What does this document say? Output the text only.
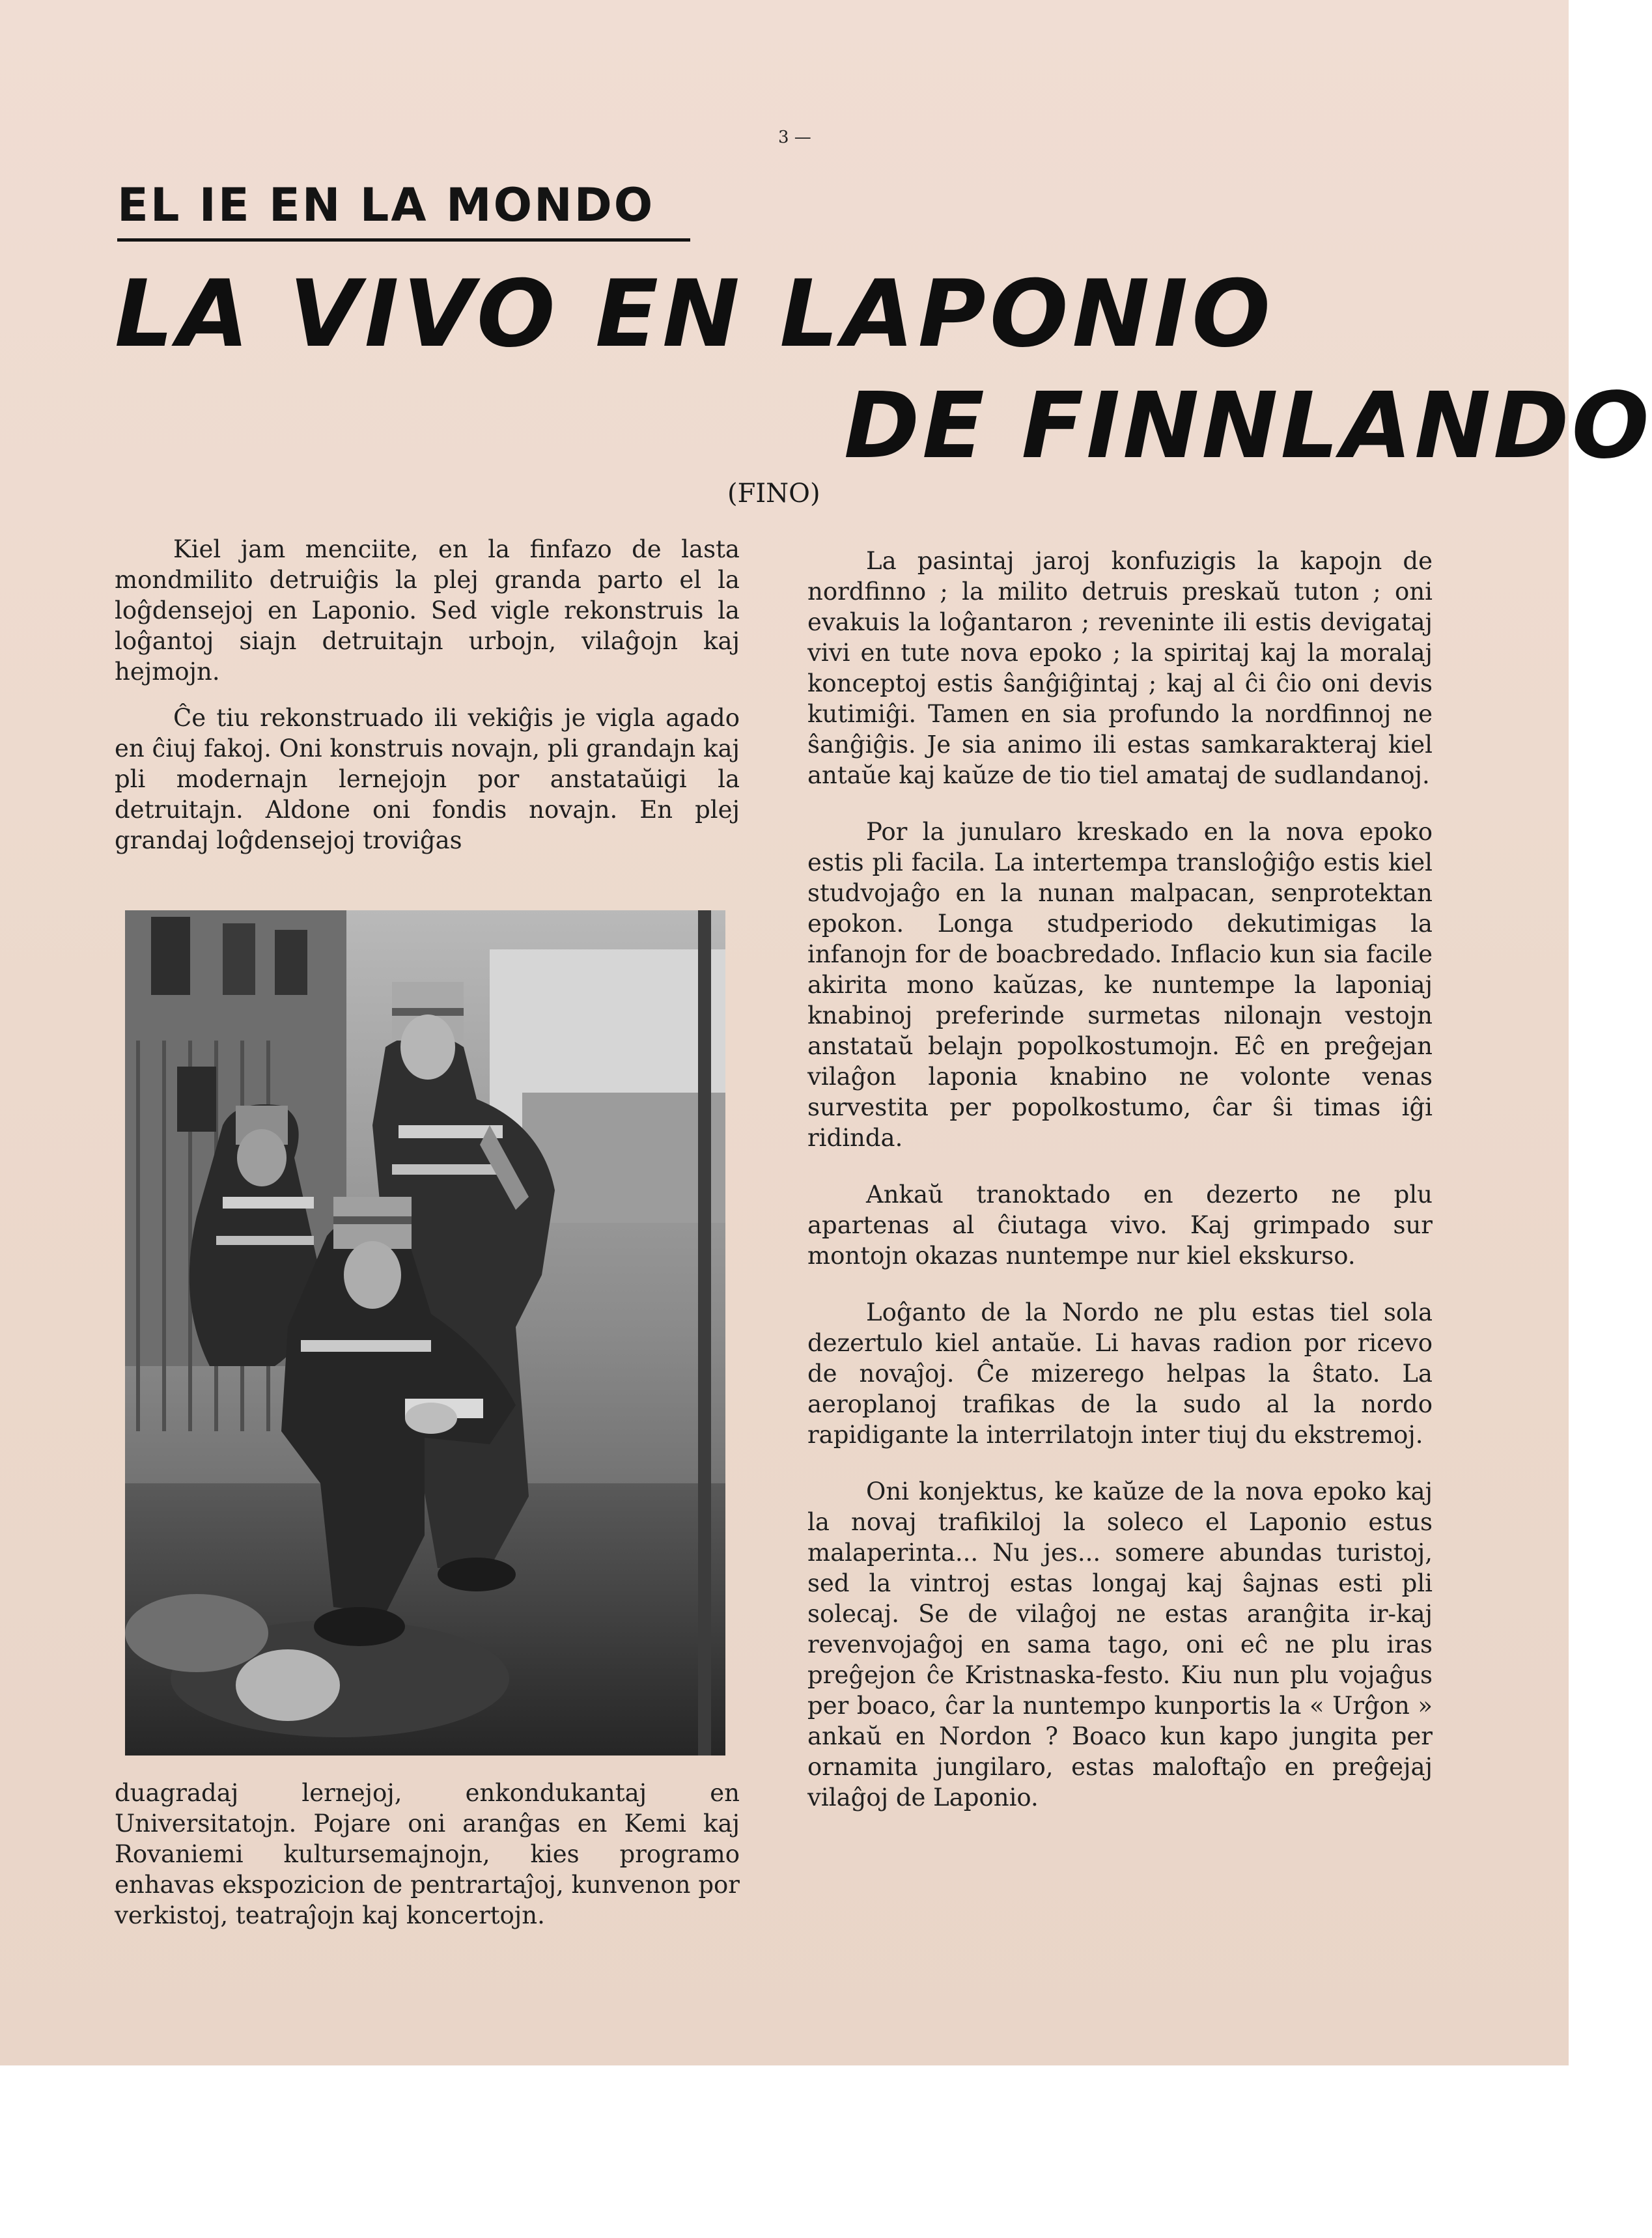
3 —
EL IE EN LA MONDO
LA VIVO EN LAPONIO
DE FINNLANDO
(FINO)

Kiel jam menciite, en la finfazo de lasta mondmilito detruiĝis la plej granda parto el la loĝdensejoj en Laponio. Sed vigle rekonstruis la loĝantoj siajn detruitajn urbojn, vilaĝojn kaj hejmojn.

Ĉe tiu rekonstruado ili vekiĝis je vigla agado en ĉiuj fakoj. Oni konstruis novajn, pli grandajn kaj pli modernajn lernejojn por anstataŭigi la detruitajn. Aldone oni fondis novajn. En plej grandaj loĝdensejoj troviĝas

duagradaj lernejoj, enkondukantaj en Universitatojn. Pojare oni aranĝas en Kemi kaj Rovaniemi kultursemajnojn, kies programo enhavas ekspozicion de pentrartaĵoj, kunvenon por verkistoj, teatraĵojn kaj koncertojn.

La pasintaj jaroj konfuzigis la kapojn de nordfinno ; la milito detruis preskaŭ tuton ; oni evakuis la loĝantaron ; reveninte ili estis devigataj vivi en tute nova epoko ; la spiritaj kaj la moralaj konceptoj estis ŝanĝiĝintaj ; kaj al ĉi ĉio oni devis kutimiĝi. Tamen en sia profundo la nordfinnoj ne ŝanĝiĝis. Je sia animo ili estas samkarakteraj kiel antaŭe kaj kaŭze de tio tiel amataj de sudlandanoj.

Por la junularo kreskado en la nova epoko estis pli facila. La intertempa transloĝiĝo estis kiel studvojaĝo en la nunan malpacan, senprotektan epokon. Longa studperiodo dekutimigas la infanojn for de boacbredado. Inflacio kun sia facile akirita mono kaŭzas, ke nuntempe la laponiaj knabinoj preferinde surmetas nilonajn vestojn anstataŭ belajn popolkostumojn. Eĉ en preĝejan vilaĝon laponia knabino ne volonte venas survestita per popolkostumo, ĉar ŝi timas iĝi ridinda.

Ankaŭ tranoktado en dezerto ne plu apartenas al ĉiutaga vivo. Kaj grimpado sur montojn okazas nuntempe nur kiel ekskurso.

Loĝanto de la Nordo ne plu estas tiel sola dezertulo kiel antaŭe. Li havas radion por ricevo de novaĵoj. Ĉe mizerego helpas la ŝtato. La aeroplanoj trafikas de la sudo al la nordo rapidigante la interrilatojn inter tiuj du ekstremoj.

Oni konjektus, ke kaŭze de la nova epoko kaj la novaj trafikiloj la soleco el Laponio estus malaperinta... Nu jes... somere abundas turistoj, sed la vintroj estas longaj kaj ŝajnas esti pli solecaj. Se de vilaĝoj ne estas aranĝita ir-kaj revenvojaĝoj en sama tago, oni eĉ ne plu iras preĝejon ĉe Kristnaska-festo. Kiu nun plu vojaĝus per boaco, ĉar la nuntempo kunportis la « Urĝon » ankaŭ en Nordon ? Boaco kun kapo jungita per ornamita jungilaro, estas maloftaĵo en preĝejaj vilaĝoj de Laponio.
